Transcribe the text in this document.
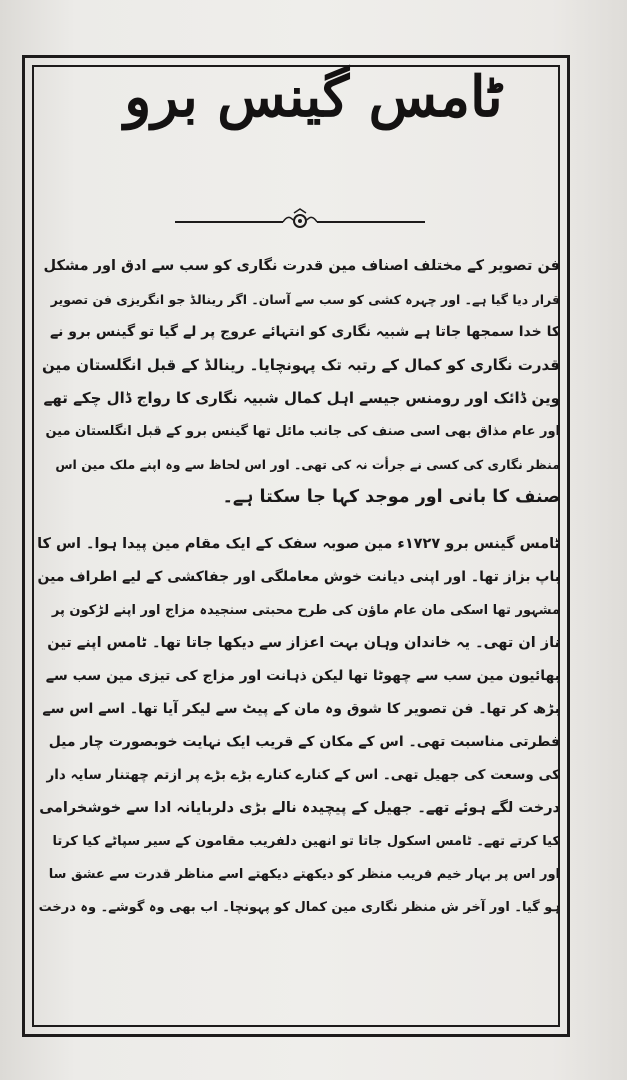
ٹامس گینس برو
فن تصویر کے مختلف اصناف مین قدرت نگاری کو سب سے ادق اور مشکل
قرار دیا گیا ہے۔ اور چہرہ کشی کو سب سے آسان۔ اگر رینالڈ جو انگریزی فن تصویر
کا خدا سمجھا جاتا ہے شبیہ نگاری کو انتہائے عروج پر لے گیا تو گینس برو نے
قدرت نگاری کو کمال کے رتبہ تک پہونچایا۔ رینالڈ کے قبل انگلستان مین
وین ڈائک اور رومنس جیسے اہل کمال شبیہ نگاری کا رواج ڈال چکے تھے
اور عام مذاق بھی اسی صنف کی جانب مائل تھا گینس برو کے قبل انگلستان مین
منظر نگاری کی کسی نے جرأت نہ کی تھی۔ اور اس لحاظ سے وہ اپنے ملک مین اس
صنف کا بانی اور موجد کہا جا سکتا ہے۔
ٹامس گینس برو ۱۷۲۷ء مین صوبہ سفک کے ایک مقام مین پیدا ہوا۔ اس کا
باپ بزاز تھا۔ اور اپنی دیانت خوش معاملگی اور جفاکشی کے لیے اطراف مین
مشہور تھا اسکی مان عام ماؤن کی طرح محبتی سنجیدہ مزاج اور اپنے لڑکون پر
ناز ان تھی۔ یہ خاندان وہان بہت اعزاز سے دیکھا جاتا تھا۔ ٹامس اپنے تین
بھائیون مین سب سے چھوٹا تھا لیکن ذہانت اور مزاج کی تیزی مین سب سے
بڑھ کر تھا۔ فن تصویر کا شوق وہ مان کے پیٹ سے لیکر آیا تھا۔ اسے اس سے
فطرتی مناسبت تھی۔ اس کے مکان کے قریب ایک نہایت خوبصورت چار میل
کی وسعت کی جھیل تھی۔ اس کے کنارے کنارے بڑے بڑے پر ازتم چھتنار سایہ دار
درخت لگے ہوئے تھے۔ جھیل کے پیچیدہ نالے بڑی دلربایانہ ادا سے خوشخرامی
کیا کرتے تھے۔ ٹامس اسکول جاتا تو انھین دلفریب مقامون کے سیر سپاٹے کیا کرتا
اور اس پر بہار خیم فریب منظر کو دیکھتے دیکھتے اسے مناظر قدرت سے عشق سا
ہو گیا۔ اور آخر ش منظر نگاری مین کمال کو پہونچا۔ اب بھی وہ گوشے۔ وہ درخت
